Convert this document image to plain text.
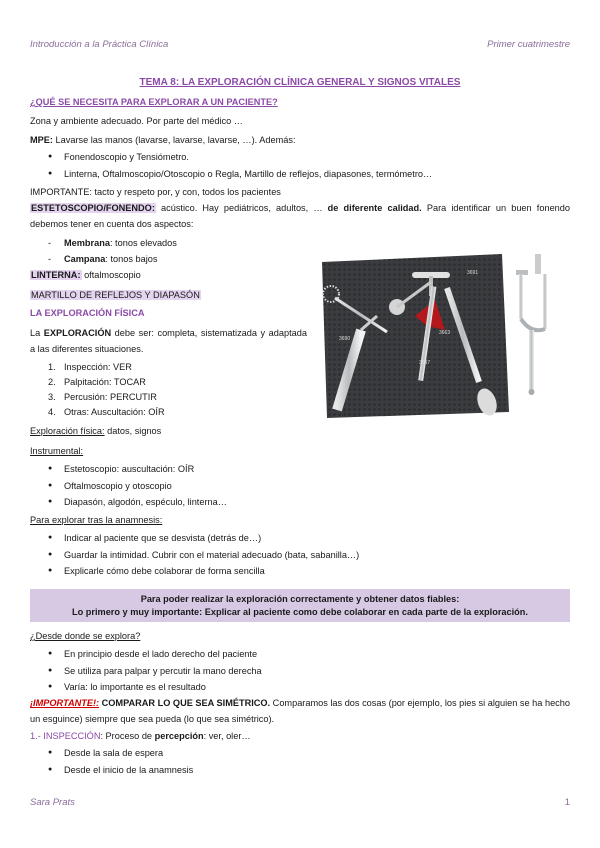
Introducción a la Práctica Clínica	Primer cuatrimestre
TEMA 8: LA EXPLORACIÓN CLÍNICA GENERAL Y SIGNOS VITALES
¿QUÉ SE NECESITA PARA EXPLORAR A UN PACIENTE?
Zona y ambiente adecuado. Por parte del médico …
MPE: Lavarse las manos (lavarse, lavarse, lavarse, …). Además:
● Fonendoscopio y Tensiómetro.
● Linterna, Oftalmoscopio/Otoscopio o Regla, Martillo de reflejos, diapasones, termómetro…
IMPORTANTE: tacto y respeto por, y con, todos los pacientes
ESTETOSCOPIO/FONENDO: acústico. Hay pediátricos, adultos, … de diferente calidad. Para identificar un buen fonendo debemos tener en cuenta dos aspectos:
- Membrana: tonos elevados
- Campana: tonos bajos
LINTERNA: oftalmoscopio
MARTILLO DE REFLEJOS Y DIAPASÓN
LA EXPLORACIÓN FÍSICA
La EXPLORACIÓN debe ser: completa, sistematizada y adaptada a las diferentes situaciones.
1. Inspección: VER
2. Palpitación: TOCAR
3. Percusión: PERCUTIR
4. Otras: Auscultación: OÍR
Exploración física: datos, signos
Instrumental:
● Estetoscopio: auscultación: OÍR
● Oftalmoscopio y otoscopio
● Diapasón, algodón, espéculo, linterna…
Para explorar tras la anamnesis:
● Indicar al paciente que se desvista (detrás de…)
● Guardar la intimidad. Cubrir con el material adecuado (bata, sabanilla…)
● Explicarle cómo debe colaborar de forma sencilla
Para poder realizar la exploración correctamente y obtener datos fiables:
Lo primero y muy importante: Explicar al paciente como debe colaborar en cada parte de la exploración.
¿Desde donde se explora?
● En principio desde el lado derecho del paciente
● Se utiliza para palpar y percutir la mano derecha
● Varía: lo importante es el resultado
¡IMPORTANTE!: COMPARAR LO QUE SEA SIMÉTRICO. Comparamos las dos cosas (por ejemplo, los pies si alguien se ha hecho un esguince) siempre que sea pueda (lo que sea simétrico).
1.- INSPECCIÓN: Proceso de percepción: ver, oler…
● Desde la sala de espera
● Desde el inicio de la anamnesis
3691
3690
3663
3697
Sara Prats	1
